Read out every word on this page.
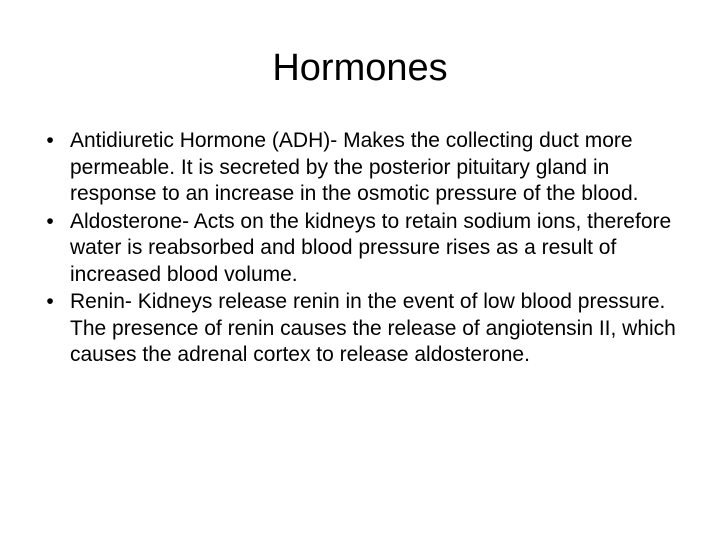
Hormones
• Antidiuretic Hormone (ADH)- Makes the collecting duct more permeable. It is secreted by the posterior pituitary gland in response to an increase in the osmotic pressure of the blood.
• Aldosterone- Acts on the kidneys to retain sodium ions, therefore water is reabsorbed and blood pressure rises as a result of increased blood volume.
• Renin- Kidneys release renin in the event of low blood pressure. The presence of renin causes the release of angiotensin II, which causes the adrenal cortex to release aldosterone.
